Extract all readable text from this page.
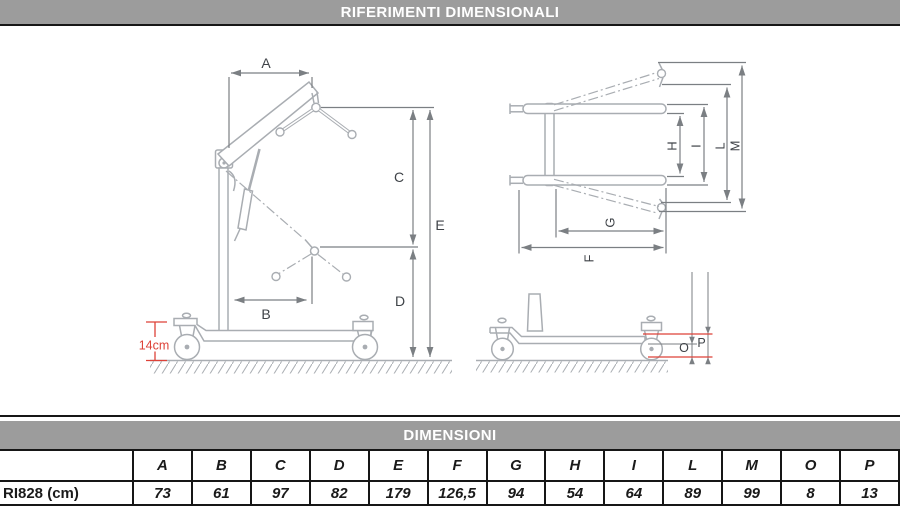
RIFERIMENTI DIMENSIONALI
14cm
A
B
C
D
E	G
F
H I L M
O P
DIMENSIONI
	A	B	C	D	E	F	G	H	I	L	M	O	P
RI828 (cm)	73	61	97	82	179	126,5	94	54	64	89	99	8	13
